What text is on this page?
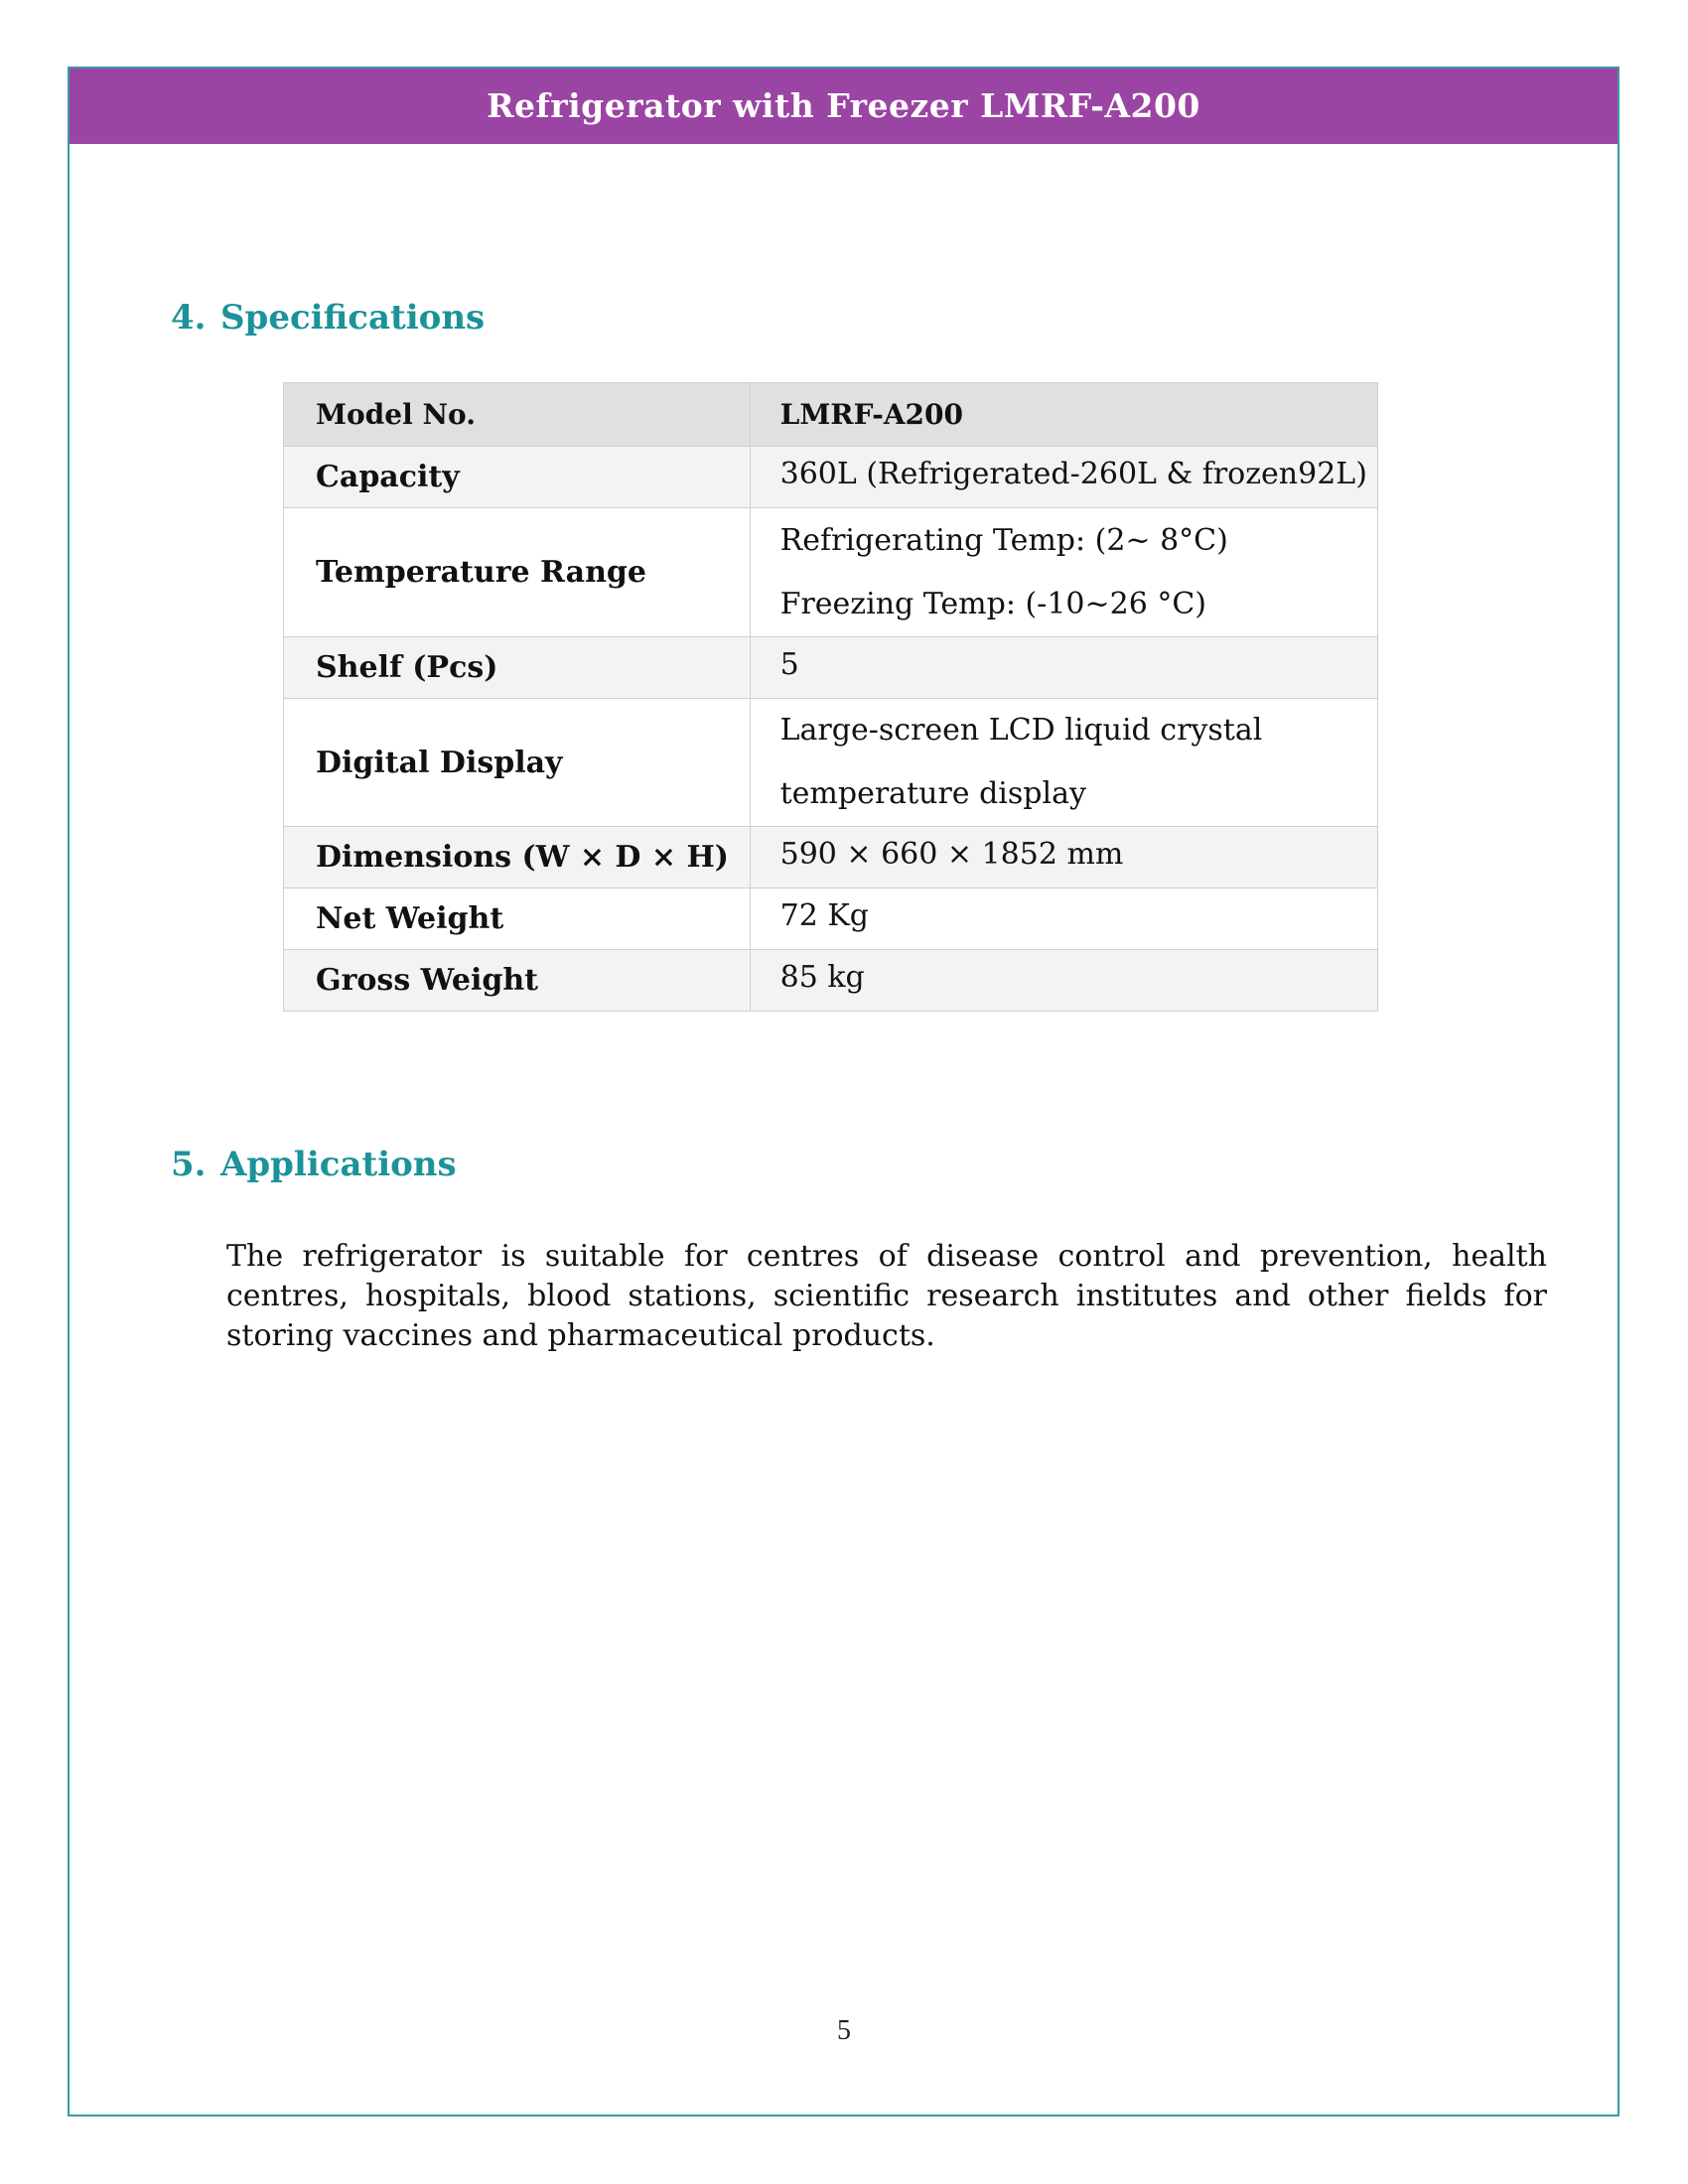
Refrigerator with Freezer LMRF-A200
4. Specifications
Model No.	LMRF-A200
Capacity	360L (Refrigerated-260L & frozen92L)
Temperature Range	Refrigerating Temp: (2~ 8°C)
Freezing Temp: (-10~26 °C)

Shelf (Pcs)	5
Digital Display	Large-screen LCD liquid crystal
temperature display

Dimensions (W × D × H)	590 × 660 × 1852 mm
Net Weight	72 Kg
Gross Weight	85 kg
5. Applications
The refrigerator is suitable for centres of disease control and prevention, health centres, hospitals, blood stations, scientific research institutes and other fields for storing vaccines and pharmaceutical products.
5
